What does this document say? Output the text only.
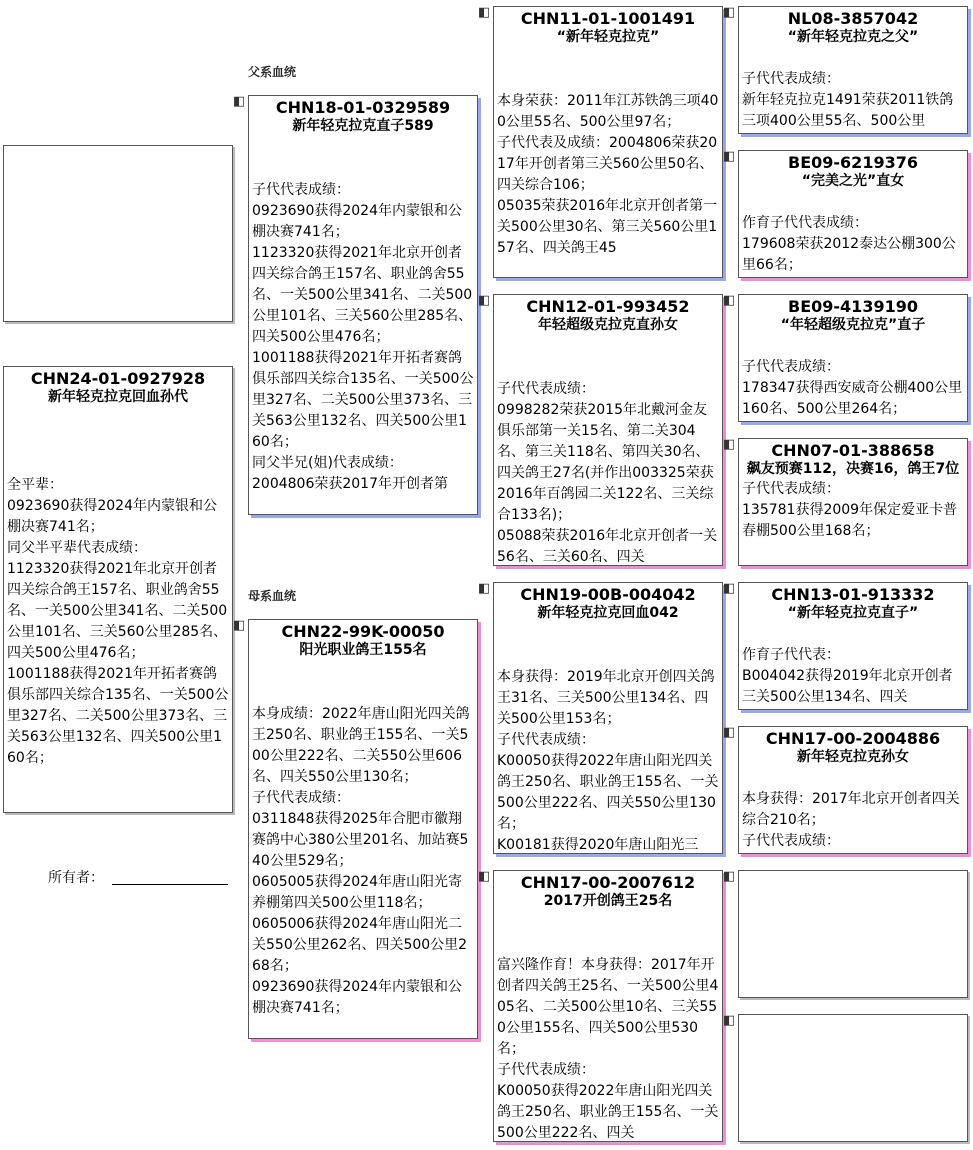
父系血统
母系血统
所有者：
CHN24-01-0927928
新年轻克拉克回血孙代
全平辈：
0923690获得2024年内蒙银和公棚决赛741名；
同父半平辈代表成绩：
1123320获得2021年北京开创者四关综合鸽王157名、职业鸽舍55名、一关500公里341名、二关500公里101名、三关560公里285名、四关500公里476名；
1001188获得2021年开拓者赛鸽俱乐部四关综合135名、一关500公里327名、二关500公里373名、三关563公里132名、四关500公里160名；
◧	CHN18-01-0329589
新年轻克拉克直子589
子代代表成绩：
0923690获得2024年内蒙银和公棚决赛741名；
1123320获得2021年北京开创者四关综合鸽王157名、职业鸽舍55名、一关500公里341名、二关500公里101名、三关560公里285名、四关500公里476名；
1001188获得2021年开拓者赛鸽俱乐部四关综合135名、一关500公里327名、二关500公里373名、三关563公里132名、四关500公里160名；
同父半兄(姐)代表成绩：
2004806荣获2017年开创者第
◧	CHN22-99K-00050
阳光职业鸽王155名
本身成绩：2022年唐山阳光四关鸽王250名、职业鸽王155名、一关500公里222名、二关550公里606名、四关550公里130名；
子代代表成绩：
0311848获得2025年合肥市徽翔赛鸽中心380公里201名、加站赛540公里529名；
0605005获得2024年唐山阳光寄养棚第四关500公里118名；
0605006获得2024年唐山阳光二关550公里262名、四关500公里268名；
0923690获得2024年内蒙银和公棚决赛741名；
◧	CHN11-01-1001491
“新年轻克拉克”
本身荣获：2011年江苏铁鸽三项400公里55名、500公里97名；
子代代表及成绩：2004806荣获2017年开创者第三关560公里50名、四关综合106；
05035荣获2016年北京开创者第一关500公里30名、第三关560公里157名、四关鸽王45
◧	CHN12-01-993452
年轻超级克拉克直孙女
子代代表成绩：
0998282荣获2015年北戴河金友俱乐部第一关15名、第二关304名、第三关118名、第四关30名、四关鸽王27名(并作出003325荣获2016年百鸽园二关122名、三关综合133名)；
05088荣获2016年北京开创者一关56名、三关60名、四关
◧	CHN19-00B-004042
新年轻克拉克回血042
本身获得：2019年北京开创四关鸽王31名、三关500公里134名、四关500公里153名；
子代代表成绩：
K00050获得2022年唐山阳光四关鸽王250名、职业鸽王155名、一关500公里222名、四关550公里130名；
K00181获得2020年唐山阳光三
◧	CHN17-00-2007612
2017开创鸽王25名
富兴隆作育！本身获得：2017年开创者四关鸽王25名、一关500公里405名、二关500公里10名、三关550公里155名、四关500公里530名；
子代代表成绩：
K00050获得2022年唐山阳光四关鸽王250名、职业鸽王155名、一关500公里222名、四关
◧	NL08-3857042
“新年轻克拉克之父”
子代代表成绩：
新年轻克拉克1491荣获2011铁鸽三项400公里55名、500公里
◧	BE09-6219376
“完美之光”直女
作育子代代表成绩：
179608荣获2012泰达公棚300公里66名；
◧	BE09-4139190
“年轻超级克拉克”直子
子代代表成绩：
178347获得西安威奇公棚400公里160名、500公里264名；
◧	CHN07-01-388658
飙友预赛112，决赛16，鸽王7位
子代代表成绩：
135781获得2009年保定爱亚卡普春棚500公里168名；
◧	CHN13-01-913332
“新年轻克拉克直子”
作育子代代表：
B004042获得2019年北京开创者三关500公里134名、四关
◧	CHN17-00-2004886
新年轻克拉克孙女
本身获得：2017年北京开创者四关综合210名；
子代代表成绩：
◧
◧
